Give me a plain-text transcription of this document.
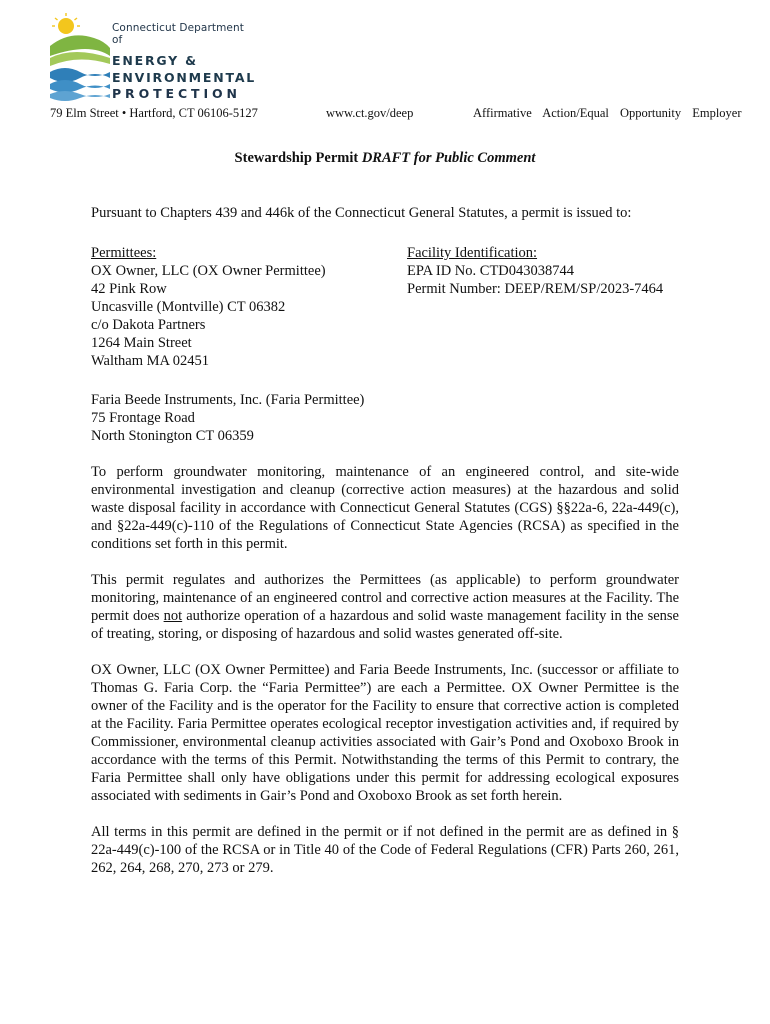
Connecticut Department of
ENERGY &
ENVIRONMENTAL
PROTECTION
79 Elm Street • Hartford, CT 06106-5127	www.ct.gov/deep	Affirmative Action/Equal Opportunity Employer
Stewardship Permit DRAFT for Public Comment

Pursuant to Chapters 439 and 446k of the Connecticut General Statutes, a permit is issued to:

Permittees:
OX Owner, LLC (OX Owner Permittee)
42 Pink Row
Uncasville (Montville) CT 06382
c/o Dakota Partners
1264 Main Street
Waltham MA 02451
Facility Identification:
EPA ID No. CTD043038744
Permit Number: DEEP/REM/SP/2023-7464
Faria Beede Instruments, Inc. (Faria Permittee)
75 Frontage Road
North Stonington CT 06359

To perform groundwater monitoring, maintenance of an engineered control, and site-wide environmental investigation and cleanup (corrective action measures) at the hazardous and solid waste disposal facility in accordance with Connecticut General Statutes (CGS) §§22a-6, 22a-449(c), and §22a-449(c)-110 of the Regulations of Connecticut State Agencies (RCSA) as specified in the conditions set forth in this permit.

This permit regulates and authorizes the Permittees (as applicable) to perform groundwater monitoring, maintenance of an engineered control and corrective action measures at the Facility. The permit does not authorize operation of a hazardous and solid waste management facility in the sense of treating, storing, or disposing of hazardous and solid wastes generated off-site.

OX Owner, LLC (OX Owner Permittee) and Faria Beede Instruments, Inc. (successor or affiliate to Thomas G. Faria Corp. the “Faria Permittee”) are each a Permittee. OX Owner Permittee is the owner of the Facility and is the operator for the Facility to ensure that corrective action is completed at the Facility. Faria Permittee operates ecological receptor investigation activities and, if required by Commissioner, environmental cleanup activities associated with Gair’s Pond and Oxoboxo Brook in accordance with the terms of this Permit. Notwithstanding the terms of this Permit to contrary, the Faria Permittee shall only have obligations under this permit for addressing ecological exposures associated with sediments in Gair’s Pond and Oxoboxo Brook as set forth herein.

All terms in this permit are defined in the permit or if not defined in the permit are as defined in § 22a-449(c)-100 of the RCSA or in Title 40 of the Code of Federal Regulations (CFR) Parts 260, 261, 262, 264, 268, 270, 273 or 279.
